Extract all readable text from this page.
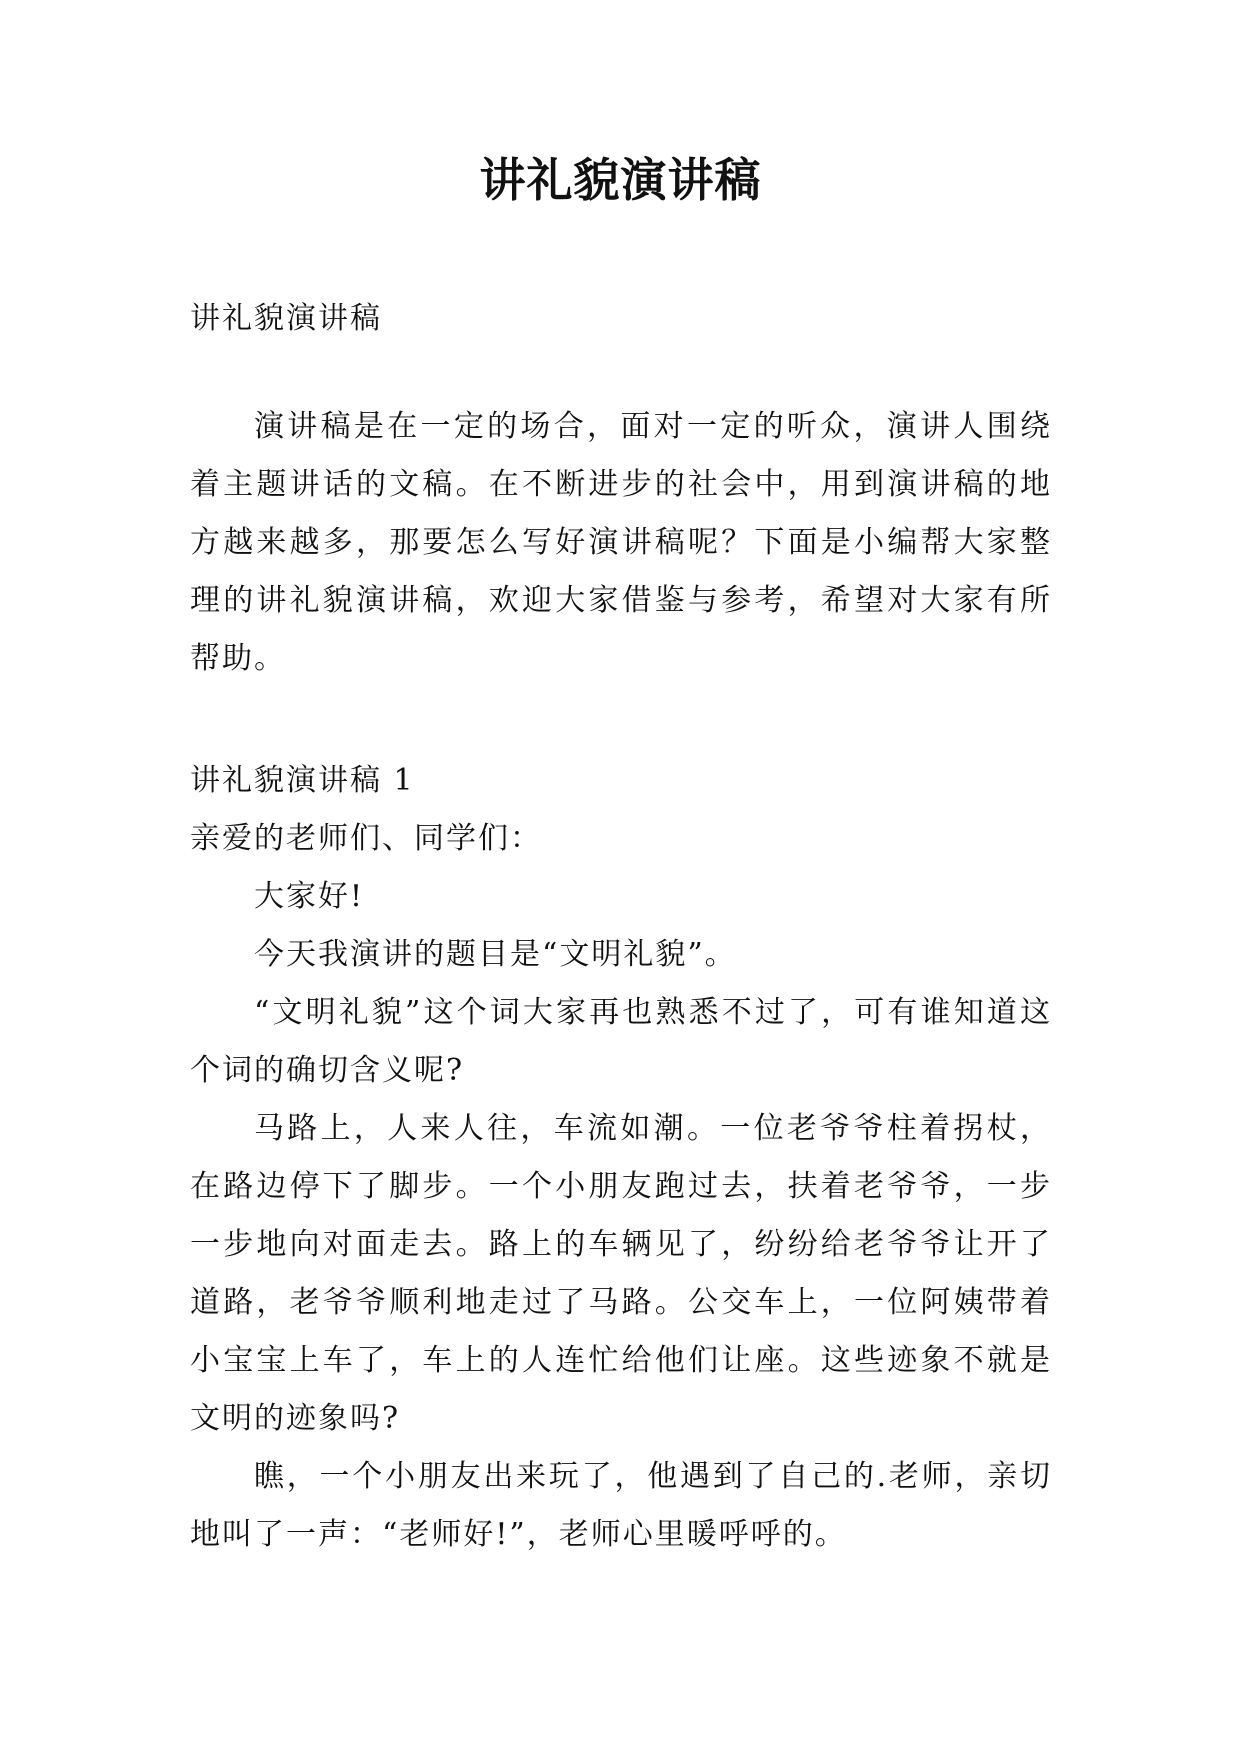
讲礼貌演讲稿

讲礼貌演讲稿

演讲稿是在一定的场合，面对一定的听众，演讲人围绕着主题讲话的文稿。在不断进步的社会中，用到演讲稿的地方越来越多，那要怎么写好演讲稿呢？下面是小编帮大家整理的讲礼貌演讲稿，欢迎大家借鉴与参考，希望对大家有所帮助。

讲礼貌演讲稿 1

亲爱的老师们、同学们：

大家好!

今天我演讲的题目是“文明礼貌”。

“文明礼貌”这个词大家再也熟悉不过了，可有谁知道这个词的确切含义呢?

马路上，人来人往，车流如潮。一位老爷爷柱着拐杖，在路边停下了脚步。一个小朋友跑过去，扶着老爷爷，一步一步地向对面走去。路上的车辆见了，纷纷给老爷爷让开了道路，老爷爷顺利地走过了马路。公交车上，一位阿姨带着小宝宝上车了，车上的人连忙给他们让座。这些迹象不就是文明的迹象吗?

瞧，一个小朋友出来玩了，他遇到了自己的.老师，亲切地叫了一声：“老师好!”，老师心里暖呼呼的。
